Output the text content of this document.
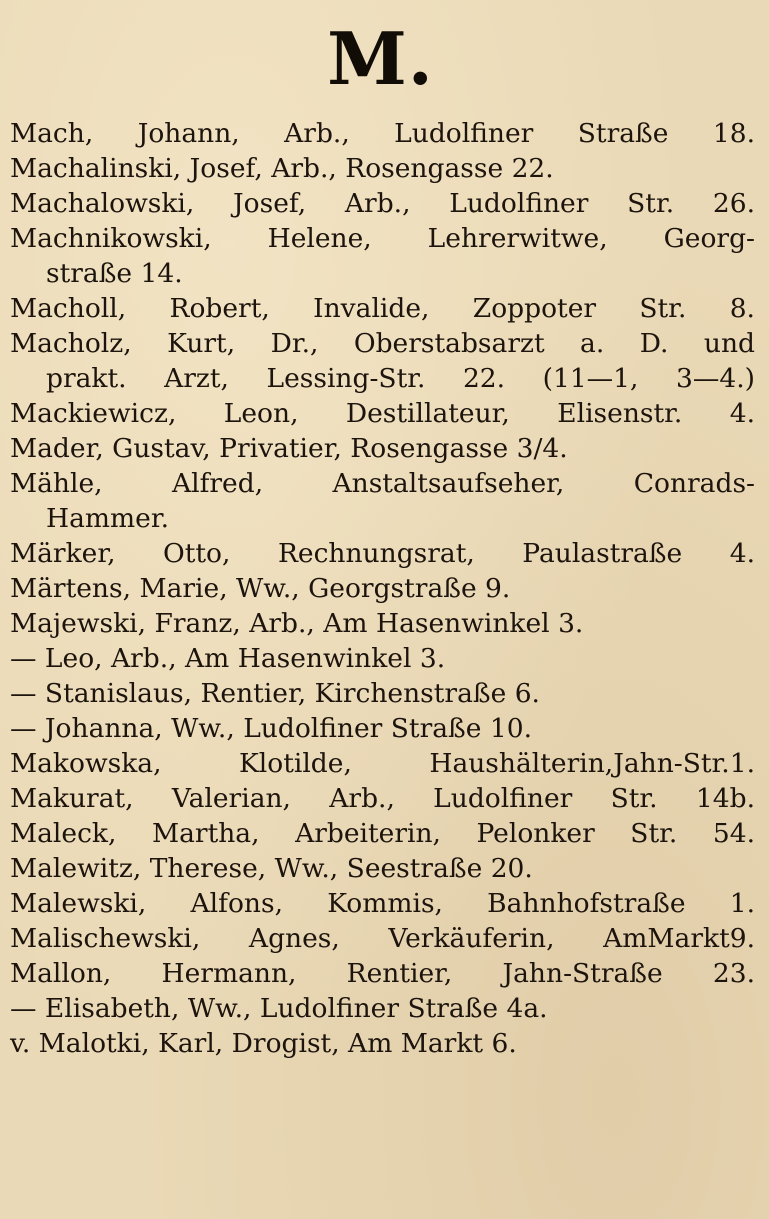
M.
Mach, Johann, Arb., Ludolfiner Straße 18.
Machalinski, Josef, Arb., Rosengasse 22.
Machalowski, Josef, Arb., Ludolfiner Str. 26.
Machnikowski, Helene, Lehrerwitwe, Georg-
straße 14.
Macholl, Robert, Invalide, Zoppoter Str. 8.
Macholz, Kurt, Dr., Oberstabsarzt a. D. und
prakt. Arzt, Lessing-Str. 22. (11—1, 3—4.)
Mackiewicz, Leon, Destillateur, Elisenstr. 4.
Mader, Gustav, Privatier, Rosengasse 3/4.
Mähle, Alfred, Anstaltsaufseher, Conrads-
Hammer.
Märker, Otto, Rechnungsrat, Paulastraße 4.
Märtens, Marie, Ww., Georgstraße 9.
Majewski, Franz, Arb., Am Hasenwinkel 3.
— Leo, Arb., Am Hasenwinkel 3.
— Stanislaus, Rentier, Kirchenstraße 6.
— Johanna, Ww., Ludolfiner Straße 10.
Makowska, Klotilde, Haushälterin,Jahn-Str.1.
Makurat, Valerian, Arb., Ludolfiner Str. 14b.
Maleck, Martha, Arbeiterin, Pelonker Str. 54.
Malewitz, Therese, Ww., Seestraße 20.
Malewski, Alfons, Kommis, Bahnhofstraße 1.
Malischewski, Agnes, Verkäuferin, AmMarkt9.
Mallon, Hermann, Rentier, Jahn-Straße 23.
— Elisabeth, Ww., Ludolfiner Straße 4a.
v. Malotki, Karl, Drogist, Am Markt 6.
